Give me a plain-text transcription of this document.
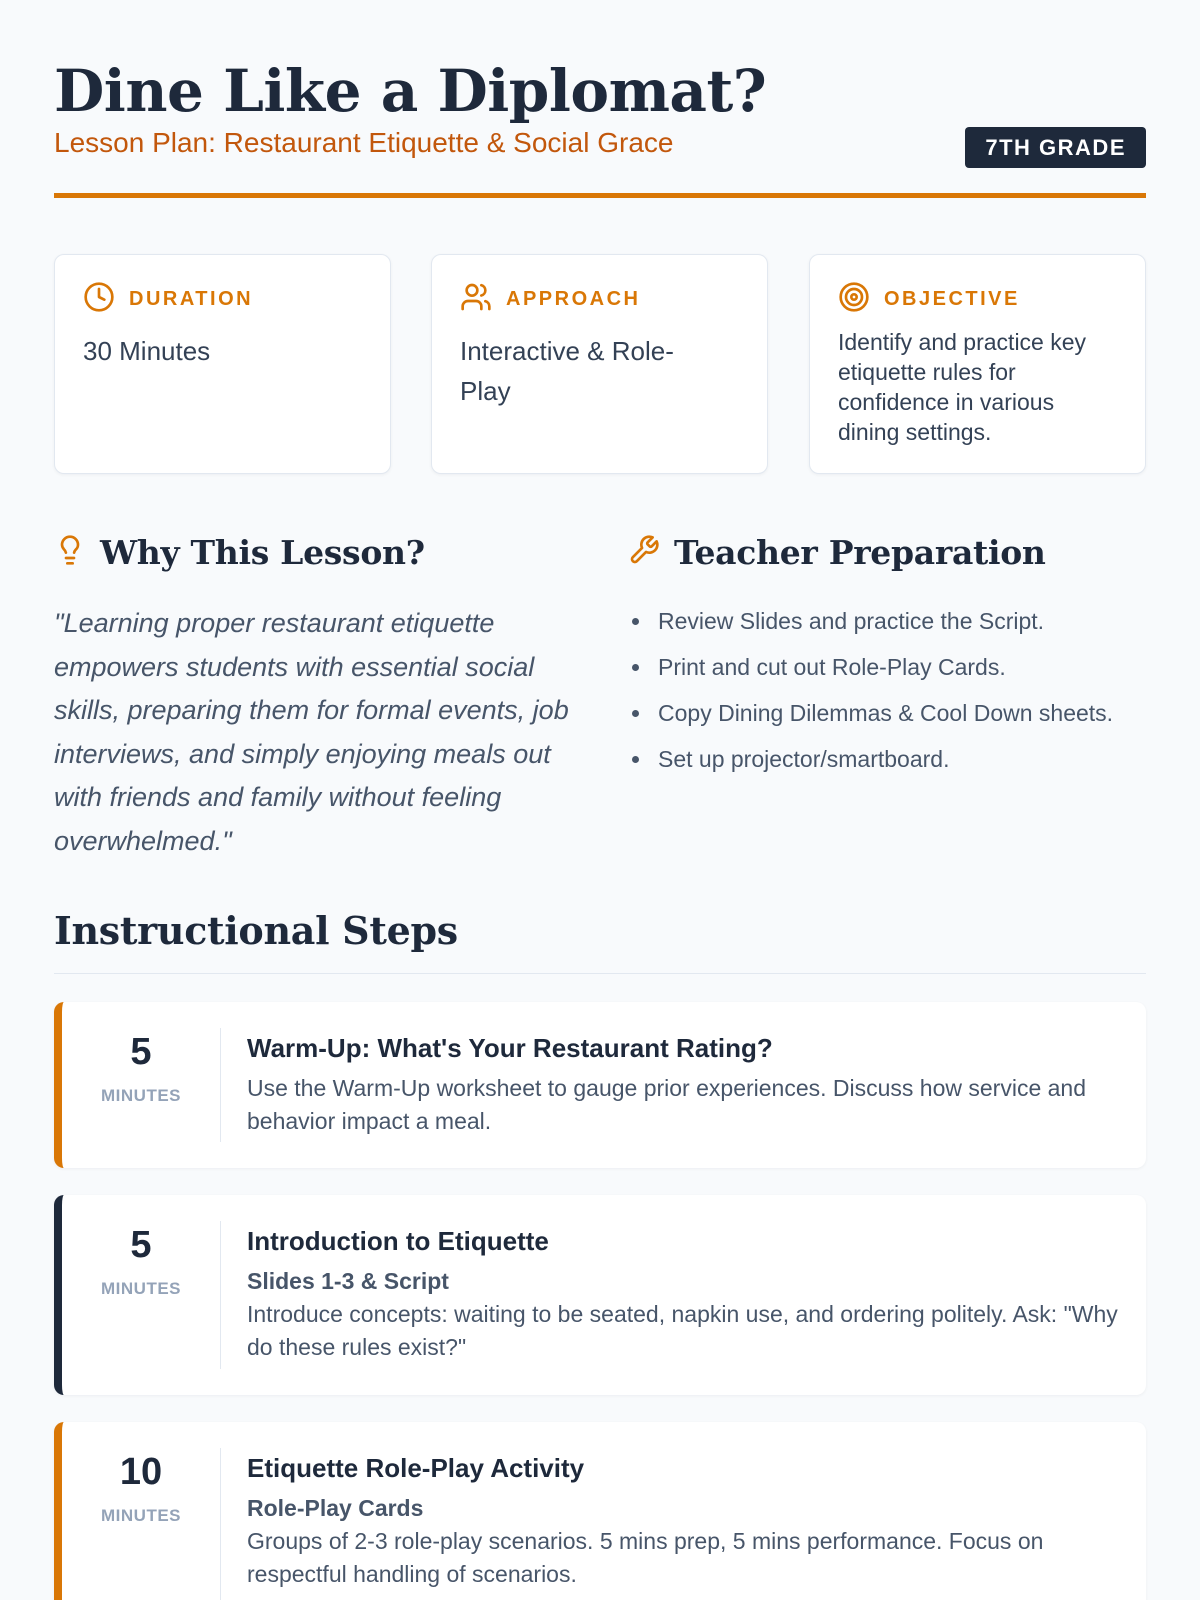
Dine Like a Diplomat?
Lesson Plan: Restaurant Etiquette & Social Grace	7TH GRADE
DURATION
30 Minutes
APPROACH
Interactive & Role-Play
OBJECTIVE
Identify and practice key etiquette rules for confidence in various dining settings.
Why This Lesson?

"Learning proper restaurant etiquette empowers students with essential social skills, preparing them for formal events, job interviews, and simply enjoying meals out with friends and family without feeling overwhelmed."

Teacher Preparation
Review Slides and practice the Script.
Print and cut out Role-Play Cards.
Copy Dining Dilemmas & Cool Down sheets.
Set up projector/smartboard.
Instructional Steps
5
MINUTES
Warm-Up: What's Your Restaurant Rating?
Use the Warm-Up worksheet to gauge prior experiences. Discuss how service and behavior impact a meal.
5
MINUTES
Introduction to Etiquette
Slides 1-3 & Script
Introduce concepts: waiting to be seated, napkin use, and ordering politely. Ask: "Why do these rules exist?"
10
MINUTES
Etiquette Role-Play Activity
Role-Play Cards
Groups of 2-3 role-play scenarios. 5 mins prep, 5 mins performance. Focus on respectful handling of scenarios.
